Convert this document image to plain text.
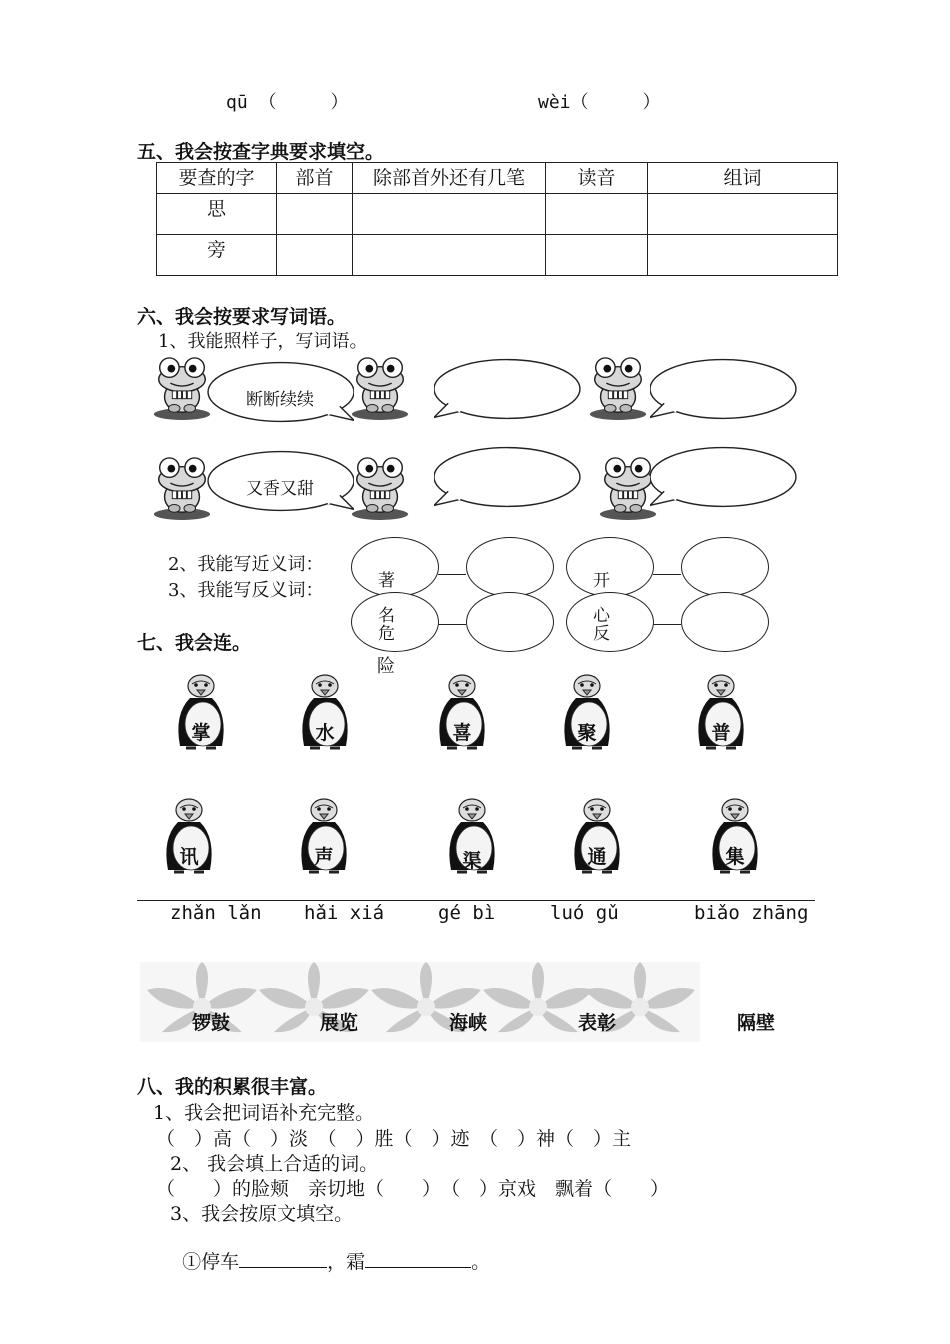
qū （　　　）	wèi（　　　）
五、我会按查字典要求填空。
要查的字	部首	除部首外还有几笔	读音	组词
思				
旁				
六、我会按要求写词语。
1、我能照样子，写词语。
断断续续
又香又甜
2、我能写近义词：
3、我能写反义词：	著
名
危
险
开
心
反
七、我会连。
掌	水	喜	聚	普
讯	声	渠	通	集
zhǎn lǎn hǎi xiá	gé bì	luó gǔ	biǎo zhāng
锣鼓	展览	海峡	表彰	隔壁
八、我的积累很丰富。
1、我会把词语补充完整。
（　）高（　）淡　（　）胜（　）迹　（　）神（　）主
2、 我会填上合适的词。
（　　）的脸颊　亲切地（　　）　（　）京戏　飘着（　　）
3、我会按原文填空。

①停车	，霜	。
